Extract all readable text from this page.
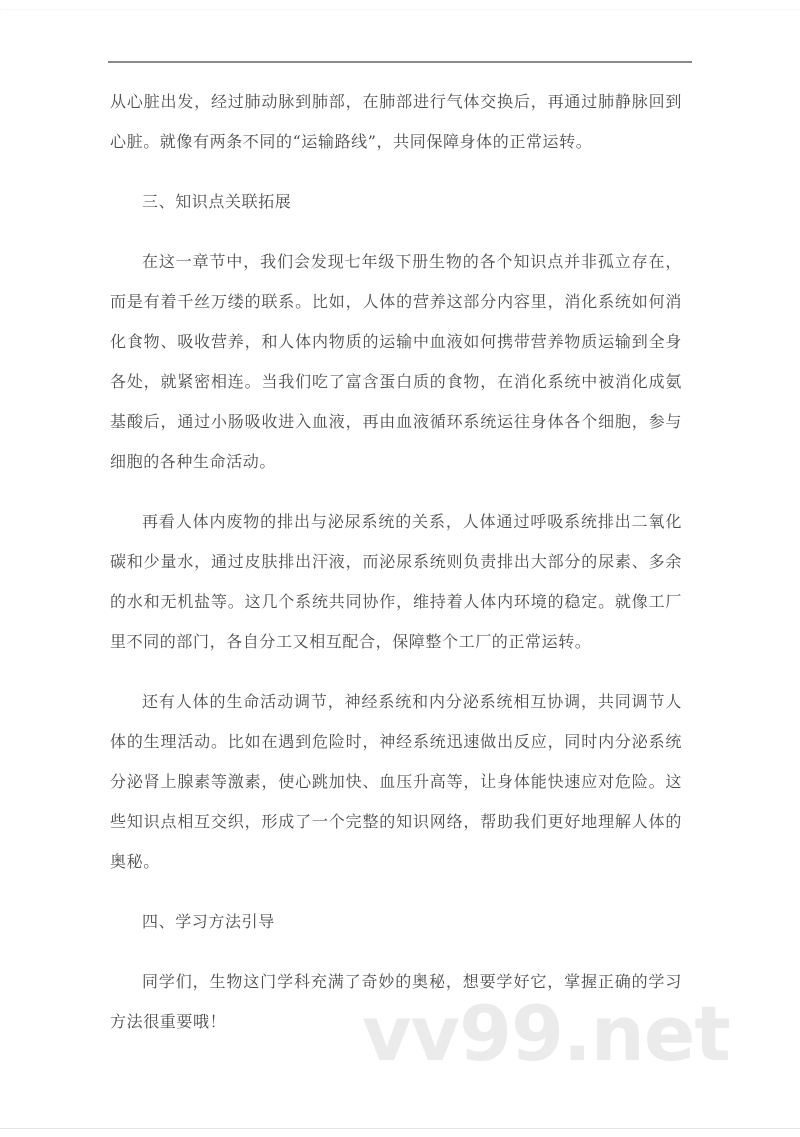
从心脏出发，经过肺动脉到肺部，在肺部进行气体交换后，再通过肺静脉回到心脏。就像有两条不同的“运输路线”，共同保障身体的正常运转。

三、知识点关联拓展

在这一章节中，我们会发现七年级下册生物的各个知识点并非孤立存在，而是有着千丝万缕的联系。比如，人体的营养这部分内容里，消化系统如何消化食物、吸收营养，和人体内物质的运输中血液如何携带营养物质运输到全身各处，就紧密相连。当我们吃了富含蛋白质的食物，在消化系统中被消化成氨基酸后，通过小肠吸收进入血液，再由血液循环系统运往身体各个细胞，参与细胞的各种生命活动。

再看人体内废物的排出与泌尿系统的关系，人体通过呼吸系统排出二氧化碳和少量水，通过皮肤排出汗液，而泌尿系统则负责排出大部分的尿素、多余的水和无机盐等。这几个系统共同协作，维持着人体内环境的稳定。就像工厂里不同的部门，各自分工又相互配合，保障整个工厂的正常运转。

还有人体的生命活动调节，神经系统和内分泌系统相互协调，共同调节人体的生理活动。比如在遇到危险时，神经系统迅速做出反应，同时内分泌系统分泌肾上腺素等激素，使心跳加快、血压升高等，让身体能快速应对危险。这些知识点相互交织，形成了一个完整的知识网络，帮助我们更好地理解人体的奥秘。

四、学习方法引导

同学们，生物这门学科充满了奇妙的奥秘，想要学好它，掌握正确的学习方法很重要哦！	vv99.net
